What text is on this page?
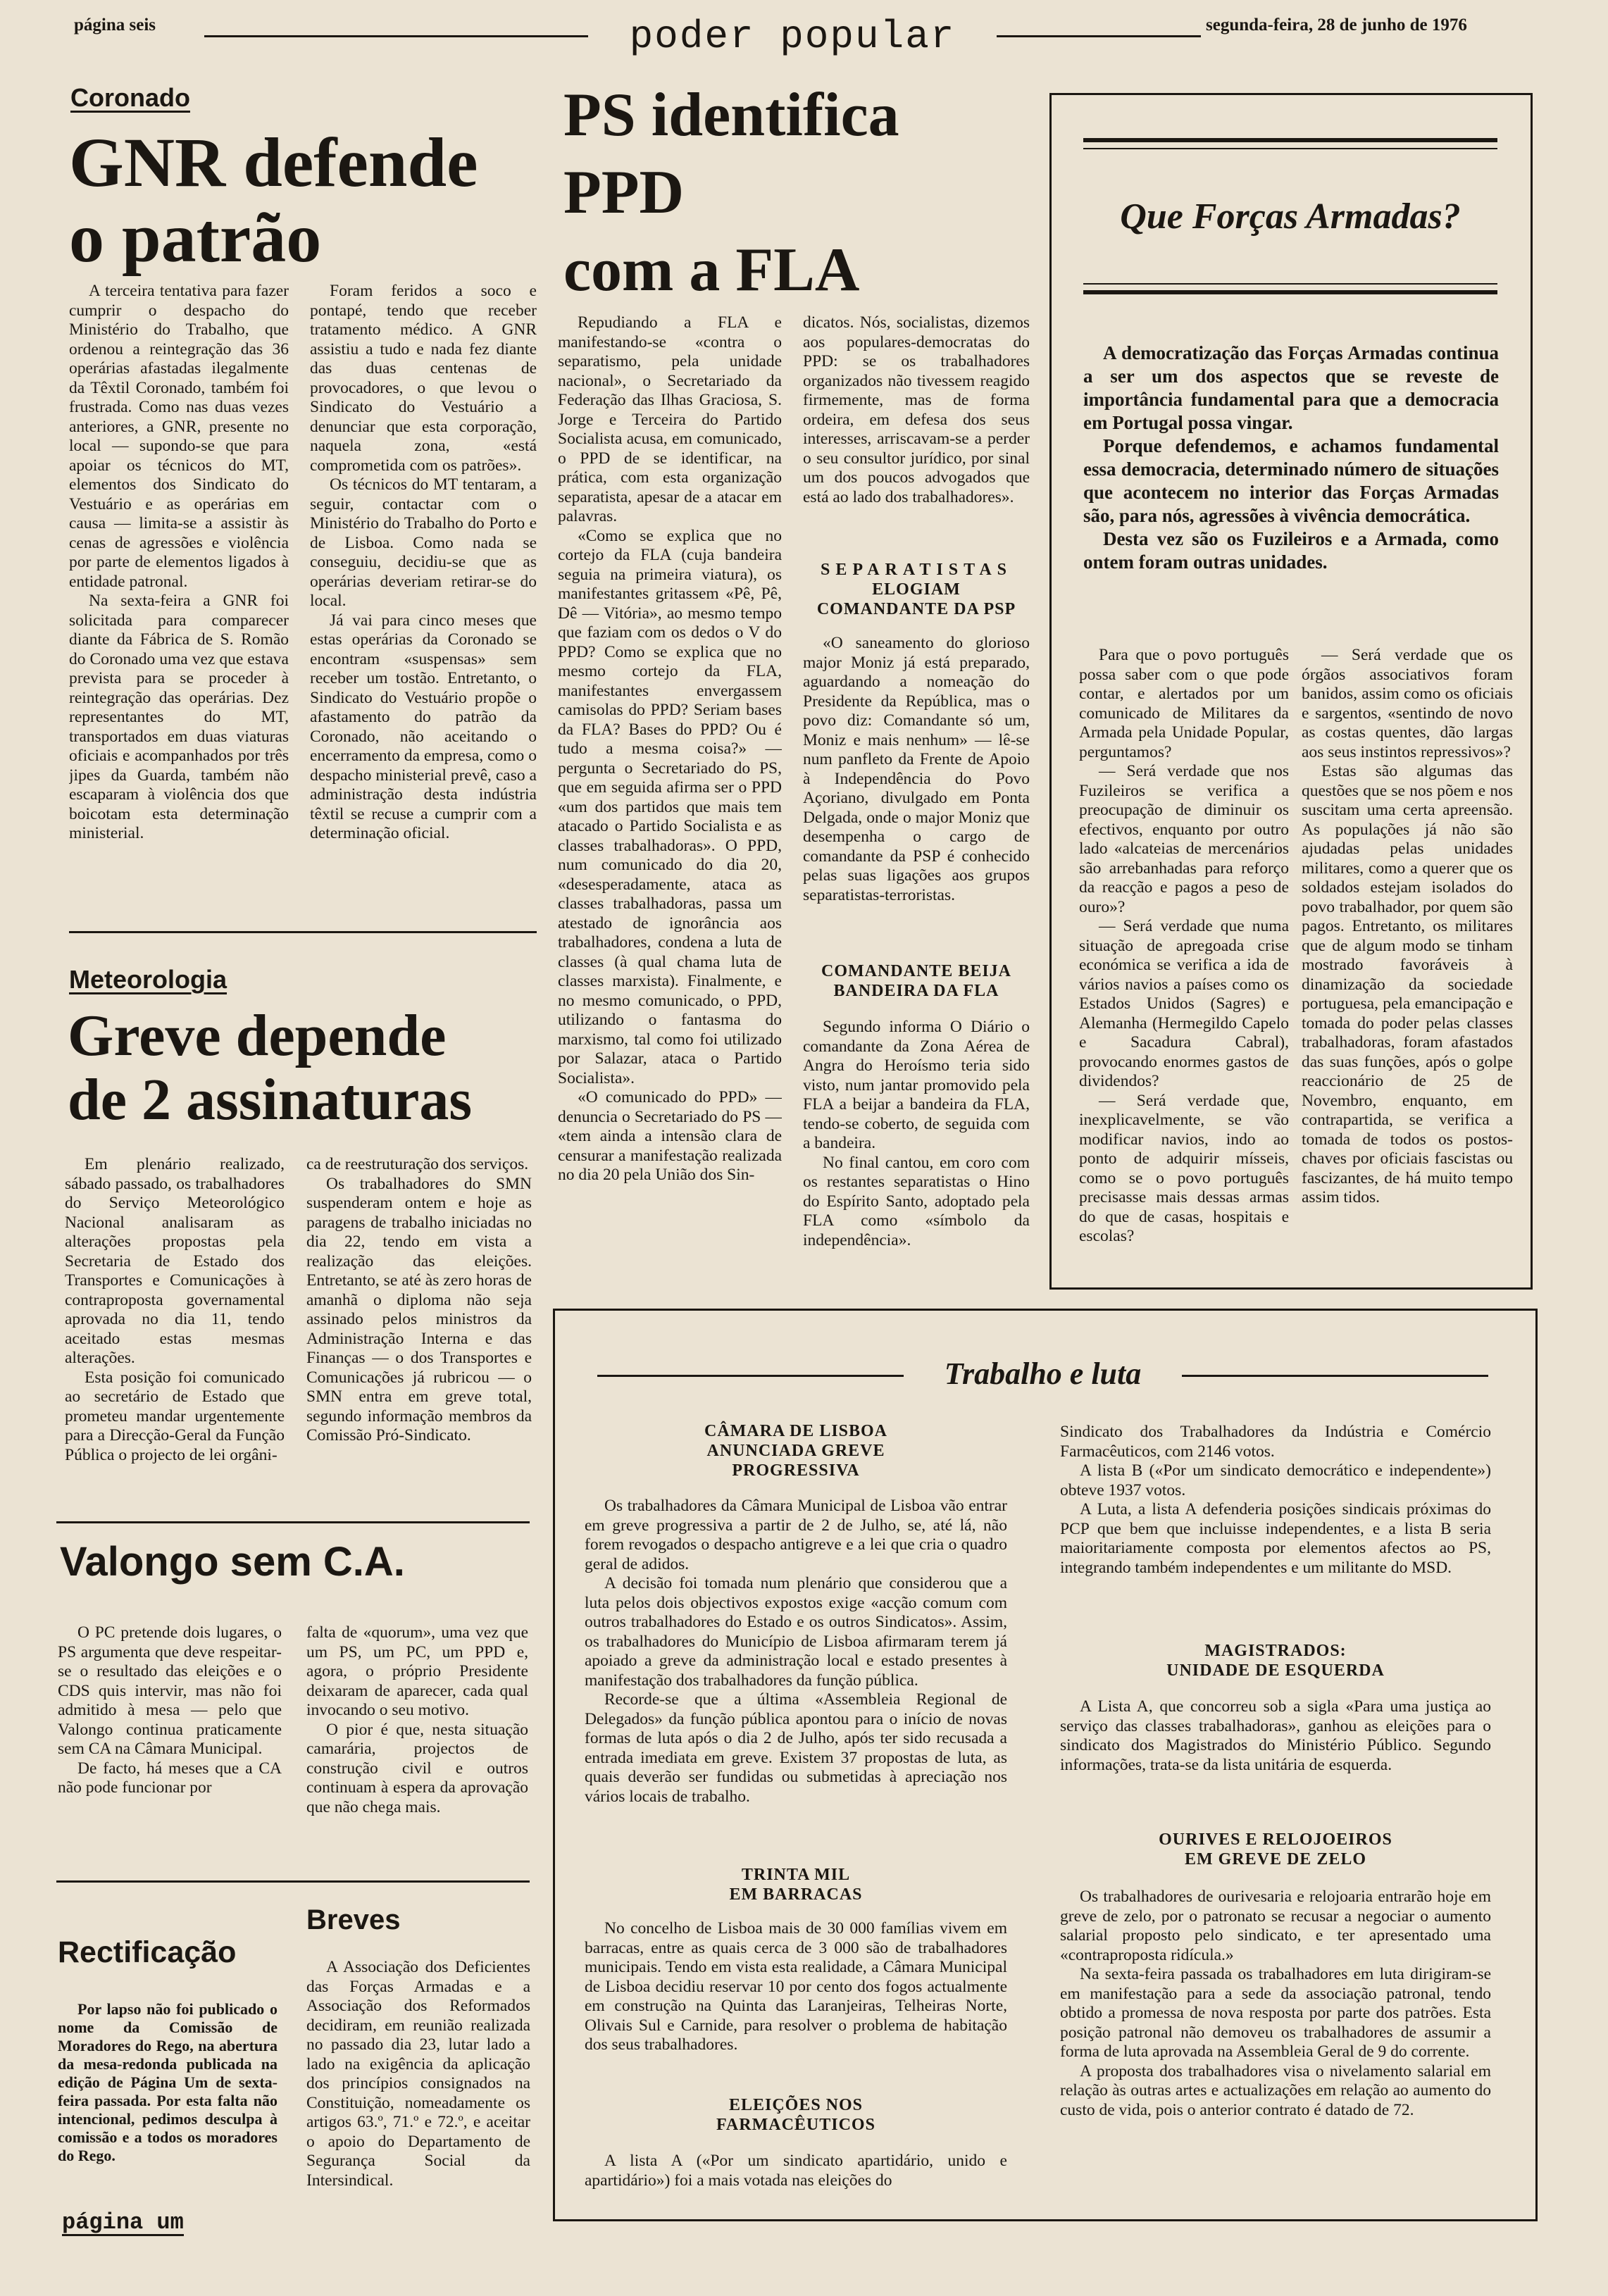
página seis	poder popular	segunda-feira, 28 de junho de 1976
Coronado
GNR defende
o patrão

A terceira tentativa para fazer cumprir o despacho do Ministério do Trabalho, que ordenou a reintegração das 36 operárias afastadas ilegalmente da Têxtil Coronado, também foi frustrada. Como nas duas vezes anteriores, a GNR, presente no local — supondo-se que para apoiar os técnicos do MT, elementos dos Sindicato do Vestuário e as operárias em causa — limita-se a assistir às cenas de agressões e violência por parte de elementos ligados à entidade patronal.

Na sexta-feira a GNR foi solicitada para comparecer diante da Fábrica de S. Romão do Coronado uma vez que estava prevista para se proceder à reintegração das operárias. Dez representantes do MT, transportados em duas viaturas oficiais e acompanhados por três jipes da Guarda, também não escaparam à violência dos que boicotam esta determinação ministerial.

Foram feridos a soco e pontapé, tendo que receber tratamento médico. A GNR assistiu a tudo e nada fez diante das duas centenas de provocadores, o que levou o Sindicato do Vestuário a denunciar que esta corporação, naquela zona, «está comprometida com os patrões».

Os técnicos do MT tentaram, a seguir, contactar com o Ministério do Trabalho do Porto e de Lisboa. Como nada se conseguiu, decidiu-se que as operárias deveriam retirar-se do local.

Já vai para cinco meses que estas operárias da Coronado se encontram «suspensas» sem receber um tostão. Entretanto, o Sindicato do Vestuário propõe o afastamento do patrão da Coronado, não aceitando o encerramento da empresa, como o despacho ministerial prevê, caso a administração desta indústria têxtil se recuse a cumprir com a determinação oficial.

Meteorologia
Greve depende
de 2 assinaturas

Em plenário realizado, sábado passado, os trabalhadores do Serviço Meteorológico Nacional analisaram as alterações propostas pela Secretaria de Estado dos Transportes e Comunicações à contraproposta governamental aprovada no dia 11, tendo aceitado estas mesmas alterações.

Esta posição foi comunicado ao secretário de Estado que prometeu mandar urgentemente para a Direcção-Geral da Função Pública o projecto de lei orgâni-

ca de reestruturação dos serviços.

Os trabalhadores do SMN suspenderam ontem e hoje as paragens de trabalho iniciadas no dia 22, tendo em vista a realização das eleições. Entretanto, se até às zero horas de amanhã o diploma não seja assinado pelos ministros da Administração Interna e das Finanças — o dos Transportes e Comunicações já rubricou — o SMN entra em greve total, segundo informação membros da Comissão Pró-Sindicato.

Valongo sem C.A.

O PC pretende dois lugares, o PS argumenta que deve respeitar-se o resultado das eleições e o CDS quis intervir, mas não foi admitido à mesa — pelo que Valongo continua praticamente sem CA na Câmara Municipal.

De facto, há meses que a CA não pode funcionar por

falta de «quorum», uma vez que um PS, um PC, um PPD e, agora, o próprio Presidente deixaram de aparecer, cada qual invocando o seu motivo.

O pior é que, nesta situação camarária, projectos de construção civil e outros continuam à espera da aprovação que não chega mais.

Rectificação

Por lapso não foi publicado o nome da Comissão de Moradores do Rego, na abertura da mesa-redonda publicada na edição de Página Um de sexta-feira passada. Por esta falta não intencional, pedimos desculpa à comissão e a todos os moradores do Rego.

página um
Breves

A Associação dos Deficientes das Forças Armadas e a Associação dos Reformados decidiram, em reunião realizada no passado dia 23, lutar lado a lado na exigência da aplicação dos princípios consignados na Constituição, nomeadamente os artigos 63.º, 71.º e 72.º, e aceitar o apoio do Departamento de Segurança Social da Intersindical.

PS identifica
PPD
com a FLA

Repudiando a FLA e manifestando-se «contra o separatismo, pela unidade nacional», o Secretariado da Federação das Ilhas Graciosa, S. Jorge e Terceira do Partido Socialista acusa, em comunicado, o PPD de se identificar, na prática, com esta organização separatista, apesar de a atacar em palavras.

«Como se explica que no cortejo da FLA (cuja bandeira seguia na primeira viatura), os manifestantes gritassem «Pê, Pê, Dê — Vitória», ao mesmo tempo que faziam com os dedos o V do PPD? Como se explica que no mesmo cortejo da FLA, manifestantes envergassem camisolas do PPD? Seriam bases da FLA? Bases do PPD? Ou é tudo a mesma coisa?» — pergunta o Secretariado do PS, que em seguida afirma ser o PPD «um dos partidos que mais tem atacado o Partido Socialista e as classes trabalhadoras». O PPD, num comunicado do dia 20, «desesperadamente, ataca as classes trabalhadoras, passa um atestado de ignorância aos trabalhadores, condena a luta de classes (à qual chama luta de classes marxista). Finalmente, e no mesmo comunicado, o PPD, utilizando o fantasma do marxismo, tal como foi utilizado por Salazar, ataca o Partido Socialista».

«O comunicado do PPD» — denuncia o Secretariado do PS — «tem ainda a intensão clara de censurar a manifestação realizada no dia 20 pela União dos Sin-

dicatos. Nós, socialistas, dizemos aos populares-democratas do PPD: se os trabalhadores organizados não tivessem reagido firmemente, mas de forma ordeira, em defesa dos seus interesses, arriscavam-se a perder o seu consultor jurídico, por sinal um dos poucos advogados que está ao lado dos trabalhadores».

SEPARATISTAS
ELOGIAM
COMANDANTE DA PSP

«O saneamento do glorioso major Moniz já está preparado, aguardando a nomeação do Presidente da República, mas o povo diz: Comandante só um, Moniz e mais nenhum» — lê-se num panfleto da Frente de Apoio à Independência do Povo Açoriano, divulgado em Ponta Delgada, onde o major Moniz que desempenha o cargo de comandante da PSP é conhecido pelas suas ligações aos grupos separatistas-terroristas.

COMANDANTE BEIJA
BANDEIRA DA FLA

Segundo informa O Diário o comandante da Zona Aérea de Angra do Heroísmo teria sido visto, num jantar promovido pela FLA a beijar a bandeira da FLA, tendo-se coberto, de seguida com a bandeira.

No final cantou, em coro com os restantes separatistas o Hino do Espírito Santo, adoptado pela FLA como «símbolo da independência».

Que Forças Armadas?

A democratização das Forças Armadas continua a ser um dos aspectos que se reveste de importância fundamental para que a democracia em Portugal possa vingar.

Porque defendemos, e achamos fundamental essa democracia, determinado número de situações que acontecem no interior das Forças Armadas são, para nós, agressões à vivência democrática.

Desta vez são os Fuzileiros e a Armada, como ontem foram outras unidades.

Para que o povo português possa saber com o que pode contar, e alertados por um comunicado de Militares da Armada pela Unidade Popular, perguntamos?

— Será verdade que nos Fuzileiros se verifica a preocupação de diminuir os efectivos, enquanto por outro lado «alcateias de mercenários são arrebanhadas para reforço da reacção e pagos a peso de ouro»?

— Será verdade que numa situação de apregoada crise económica se verifica a ida de vários navios a países como os Estados Unidos (Sagres) e Alemanha (Hermegildo Capelo e Sacadura Cabral), provocando enormes gastos de dividendos?

— Será verdade que, inexplicavelmente, se vão modificar navios, indo ao ponto de adquirir mísseis, como se o povo português precisasse mais dessas armas do que de casas, hospitais e escolas?

— Será verdade que os órgãos associativos foram banidos, assim como os oficiais e sargentos, «sentindo de novo as costas quentes, dão largas aos seus instintos repressivos»?

Estas são algumas das questões que se nos põem e nos suscitam uma certa apreensão. As populações já não são ajudadas pelas unidades militares, como a querer que os soldados estejam isolados do povo trabalhador, por quem são pagos. Entretanto, os militares que de algum modo se tinham mostrado favoráveis à dinamização da sociedade portuguesa, pela emancipação e tomada do poder pelas classes trabalhadoras, foram afastados das suas funções, após o golpe reaccionário de 25 de Novembro, enquanto, em contrapartida, se verifica a tomada de todos os postos-chaves por oficiais fascistas ou fascizantes, de há muito tempo assim tidos.

Trabalho e luta
CÂMARA DE LISBOA
ANUNCIADA GREVE
PROGRESSIVA

Os trabalhadores da Câmara Municipal de Lisboa vão entrar em greve progressiva a partir de 2 de Julho, se, até lá, não forem revogados o despacho antigreve e a lei que cria o quadro geral de adidos.

A decisão foi tomada num plenário que considerou que a luta pelos dois objectivos expostos exige «acção comum com outros trabalhadores do Estado e os outros Sindicatos». Assim, os trabalhadores do Município de Lisboa afirmaram terem já apoiado a greve da administração local e estado presentes à manifestação dos trabalhadores da função pública.

Recorde-se que a última «Assembleia Regional de Delegados» da função pública apontou para o início de novas formas de luta após o dia 2 de Julho, após ter sido recusada a entrada imediata em greve. Existem 37 propostas de luta, as quais deverão ser fundidas ou submetidas à apreciação nos vários locais de trabalho.

TRINTA MIL
EM BARRACAS

No concelho de Lisboa mais de 30 000 famílias vivem em barracas, entre as quais cerca de 3 000 são de trabalhadores municipais. Tendo em vista esta realidade, a Câmara Municipal de Lisboa decidiu reservar 10 por cento dos fogos actualmente em construção na Quinta das Laranjeiras, Telheiras Norte, Olivais Sul e Carnide, para resolver o problema de habitação dos seus trabalhadores.

ELEIÇÕES NOS
FARMACÊUTICOS

A lista A («Por um sindicato apartidário, unido e apartidário») foi a mais votada nas eleições do

Sindicato dos Trabalhadores da Indústria e Comércio Farmacêuticos, com 2146 votos.

A lista B («Por um sindicato democrático e independente») obteve 1937 votos.

A Luta, a lista A defenderia posições sindicais próximas do PCP que bem que incluisse independentes, e a lista B seria maioritariamente composta por elementos afectos ao PS, integrando também independentes e um militante do MSD.

MAGISTRADOS:
UNIDADE DE ESQUERDA

A Lista A, que concorreu sob a sigla «Para uma justiça ao serviço das classes trabalhadoras», ganhou as eleições para o sindicato dos Magistrados do Ministério Público. Segundo informações, trata-se da lista unitária de esquerda.

OURIVES E RELOJOEIROS
EM GREVE DE ZELO

Os trabalhadores de ourivesaria e relojoaria entrarão hoje em greve de zelo, por o patronato se recusar a negociar o aumento salarial proposto pelo sindicato, e ter apresentado uma «contraproposta ridícula.»

Na sexta-feira passada os trabalhadores em luta dirigiram-se em manifestação para a sede da associação patronal, tendo obtido a promessa de nova resposta por parte dos patrões. Esta posição patronal não demoveu os trabalhadores de assumir a forma de luta aprovada na Assembleia Geral de 9 do corrente.

A proposta dos trabalhadores visa o nivelamento salarial em relação às outras artes e actualizações em relação ao aumento do custo de vida, pois o anterior contrato é datado de 72.
